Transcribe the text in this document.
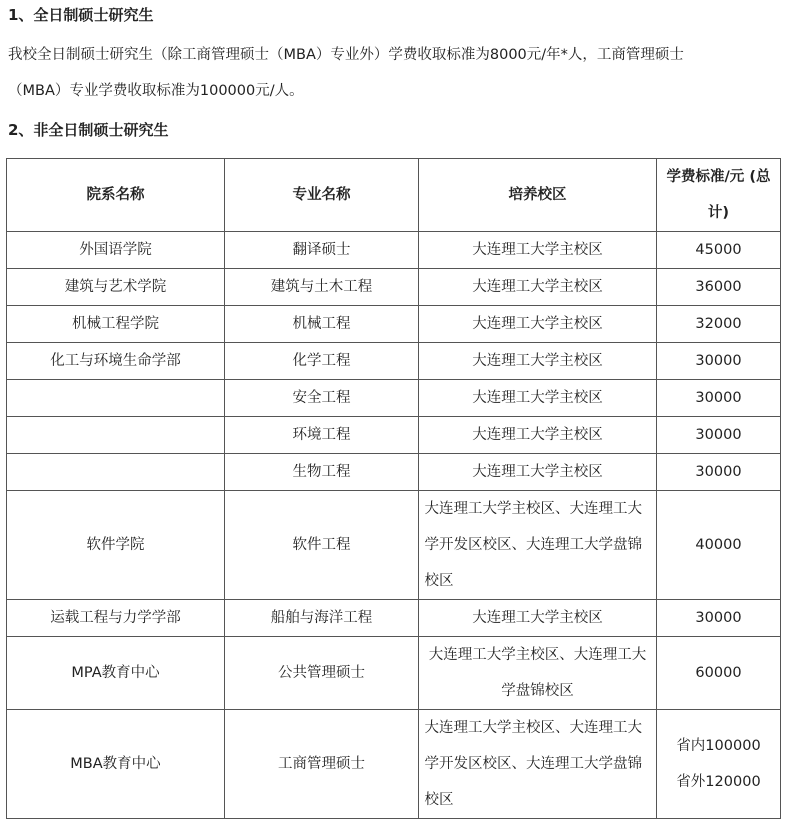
1、全日制硕士研究生

我校全日制硕士研究生（除工商管理硕士（MBA）专业外）学费收取标准为8000元/年*人，工商管理硕士

（MBA）专业学费收取标准为100000元/人。

2、非全日制硕士研究生

院系名称	专业名称	培养校区	学费标准/元 (总计)
外国语学院	翻译硕士	大连理工大学主校区	45000
建筑与艺术学院	建筑与土木工程	大连理工大学主校区	36000
机械工程学院	机械工程	大连理工大学主校区	32000
化工与环境生命学部	化学工程	大连理工大学主校区	30000
	安全工程	大连理工大学主校区	30000
	环境工程	大连理工大学主校区	30000
	生物工程	大连理工大学主校区	30000
软件学院	软件工程	大连理工大学主校区、大连理工大学开发区校区、大连理工大学盘锦校区	40000
运载工程与力学学部	船舶与海洋工程	大连理工大学主校区	30000
MPA教育中心	公共管理硕士	大连理工大学主校区、大连理工大学盘锦校区	60000
MBA教育中心	工商管理硕士	大连理工大学主校区、大连理工大学开发区校区、大连理工大学盘锦校区	省内100000
省外120000
